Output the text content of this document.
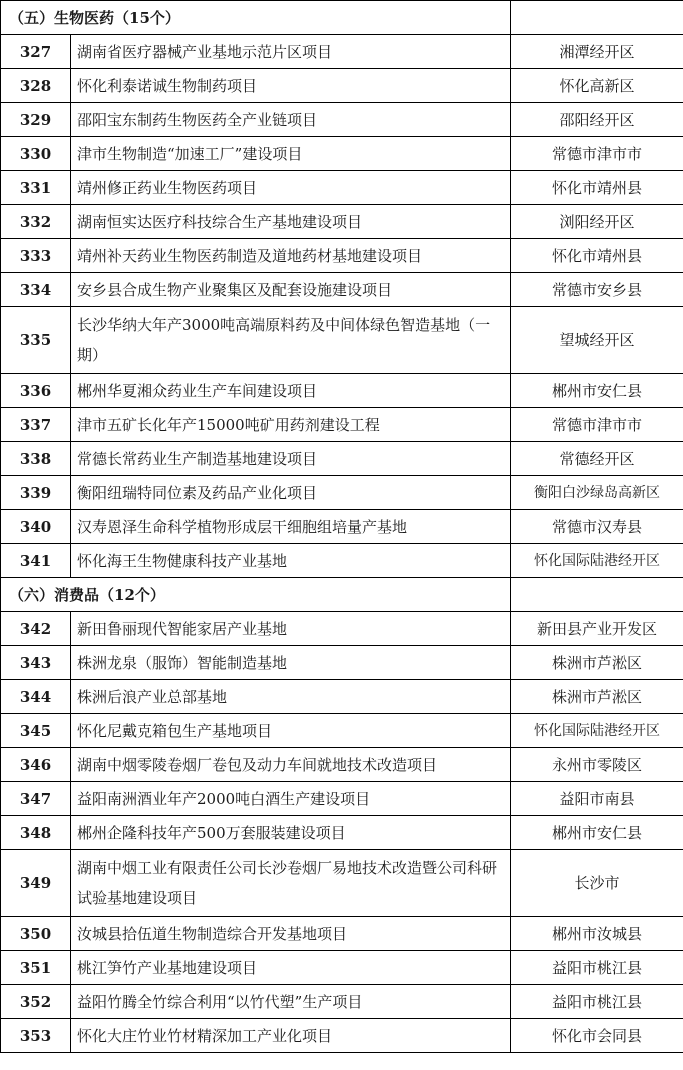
（五）生物医药（15个）		
327	湖南省医疗器械产业基地示范片区项目	湘潭经开区
328	怀化利泰诺诚生物制药项目	怀化高新区
329	邵阳宝东制药生物医药全产业链项目	邵阳经开区
330	津市生物制造“加速工厂”建设项目	常德市津市市
331	靖州修正药业生物医药项目	怀化市靖州县
332	湖南恒实达医疗科技综合生产基地建设项目	浏阳经开区
333	靖州补天药业生物医药制造及道地药材基地建设项目	怀化市靖州县
334	安乡县合成生物产业聚集区及配套设施建设项目	常德市安乡县
335	长沙华纳大年产3000吨高端原料药及中间体绿色智造基地（一期）	望城经开区
336	郴州华夏湘众药业生产车间建设项目	郴州市安仁县
337	津市五矿长化年产15000吨矿用药剂建设工程	常德市津市市
338	常德长常药业生产制造基地建设项目	常德经开区
339	衡阳纽瑞特同位素及药品产业化项目	衡阳白沙绿岛高新区
340	汉寿恩泽生命科学植物形成层干细胞组培量产基地	常德市汉寿县
341	怀化海王生物健康科技产业基地	怀化国际陆港经开区
（六）消费品（12个）		
342	新田鲁丽现代智能家居产业基地	新田县产业开发区
343	株洲龙泉（服饰）智能制造基地	株洲市芦淞区
344	株洲后浪产业总部基地	株洲市芦淞区
345	怀化尼戴克箱包生产基地项目	怀化国际陆港经开区
346	湖南中烟零陵卷烟厂卷包及动力车间就地技术改造项目	永州市零陵区
347	益阳南洲酒业年产2000吨白酒生产建设项目	益阳市南县
348	郴州企隆科技年产500万套服装建设项目	郴州市安仁县
349	湖南中烟工业有限责任公司长沙卷烟厂易地技术改造暨公司科研试验基地建设项目	长沙市
350	汝城县拾伍道生物制造综合开发基地项目	郴州市汝城县
351	桃江笋竹产业基地建设项目	益阳市桃江县
352	益阳竹腾全竹综合利用“以竹代塑”生产项目	益阳市桃江县
353	怀化大庄竹业竹材精深加工产业化项目	怀化市会同县
